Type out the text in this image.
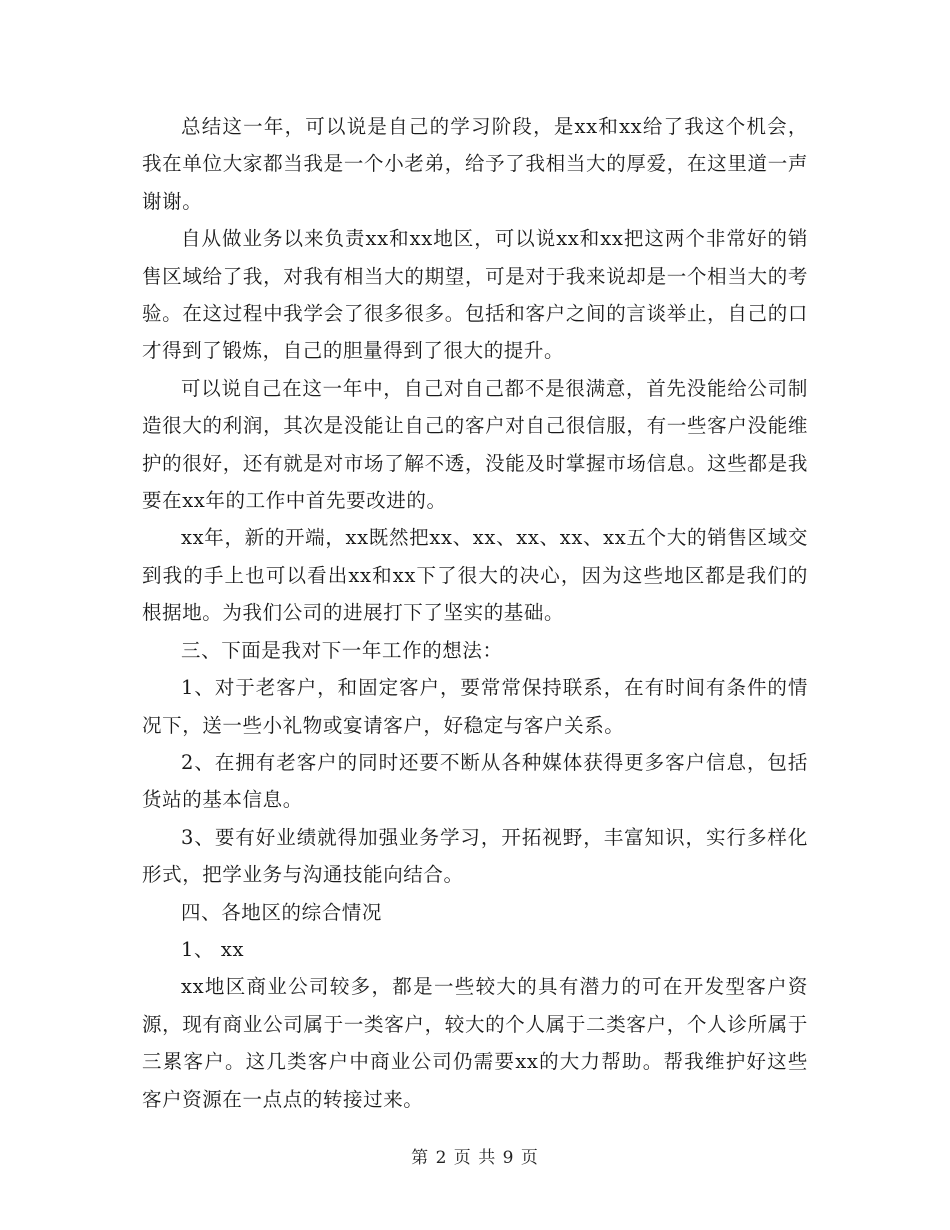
总结这一年，可以说是自己的学习阶段，是xx和xx给了我这个机会，我在单位大家都当我是一个小老弟，给予了我相当大的厚爱，在这里道一声谢谢。

自从做业务以来负责xx和xx地区，可以说xx和xx把这两个非常好的销售区域给了我，对我有相当大的期望，可是对于我来说却是一个相当大的考验。在这过程中我学会了很多很多。包括和客户之间的言谈举止，自己的口才得到了锻炼，自己的胆量得到了很大的提升。

可以说自己在这一年中，自己对自己都不是很满意，首先没能给公司制造很大的利润，其次是没能让自己的客户对自己很信服，有一些客户没能维护的很好，还有就是对市场了解不透，没能及时掌握市场信息。这些都是我要在xx年的工作中首先要改进的。

xx年，新的开端，xx既然把xx、xx、xx、xx、xx五个大的销售区域交到我的手上也可以看出xx和xx下了很大的决心，因为这些地区都是我们的根据地。为我们公司的进展打下了坚实的基础。

三、下面是我对下一年工作的想法：

1、对于老客户，和固定客户，要常常保持联系，在有时间有条件的情况下，送一些小礼物或宴请客户，好稳定与客户关系。

2、在拥有老客户的同时还要不断从各种媒体获得更多客户信息，包括货站的基本信息。

3、要有好业绩就得加强业务学习，开拓视野，丰富知识，实行多样化形式，把学业务与沟通技能向结合。

四、各地区的综合情况

1、 xx

xx地区商业公司较多，都是一些较大的具有潜力的可在开发型客户资源，现有商业公司属于一类客户，较大的个人属于二类客户，个人诊所属于三累客户。这几类客户中商业公司仍需要xx的大力帮助。帮我维护好这些客户资源在一点点的转接过来。

第 2 页 共 9 页
